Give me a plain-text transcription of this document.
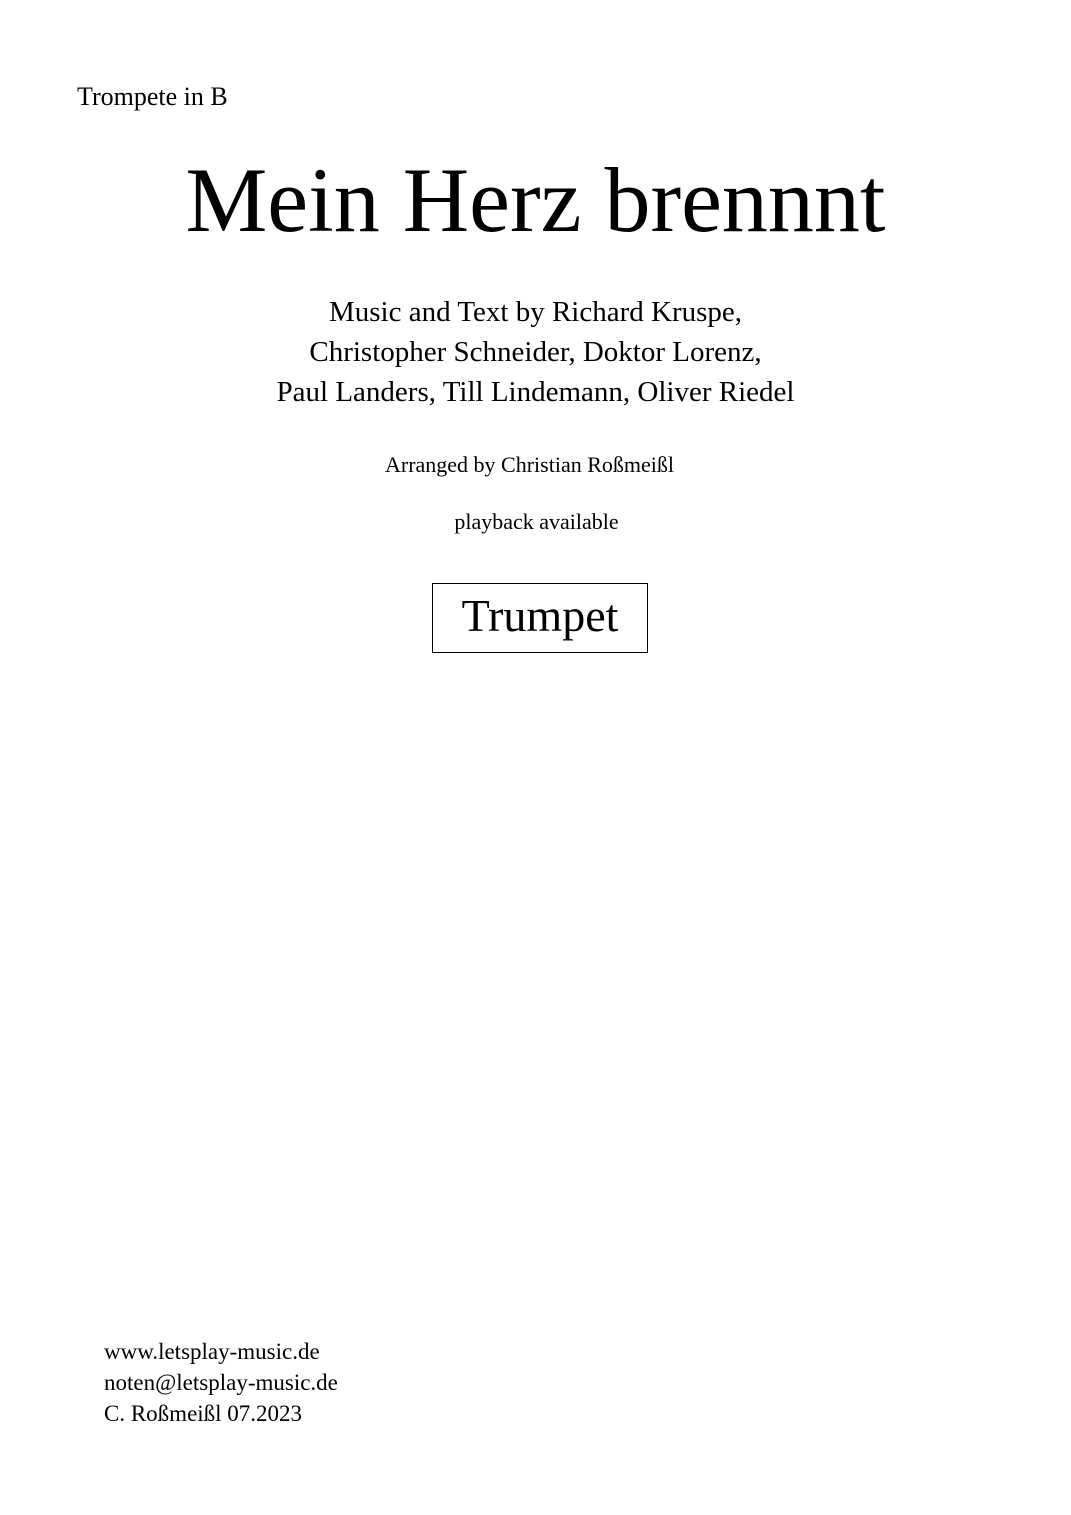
Trompete in B
Mein Herz brennnt
Music and Text by Richard Kruspe,
Christopher Schneider, Doktor Lorenz,
Paul Landers, Till Lindemann, Oliver Riedel
Arranged by Christian Roßmeißl
playback available
Trumpet
www.letsplay-music.de
noten@letsplay-music.de
C. Roßmeißl 07.2023
